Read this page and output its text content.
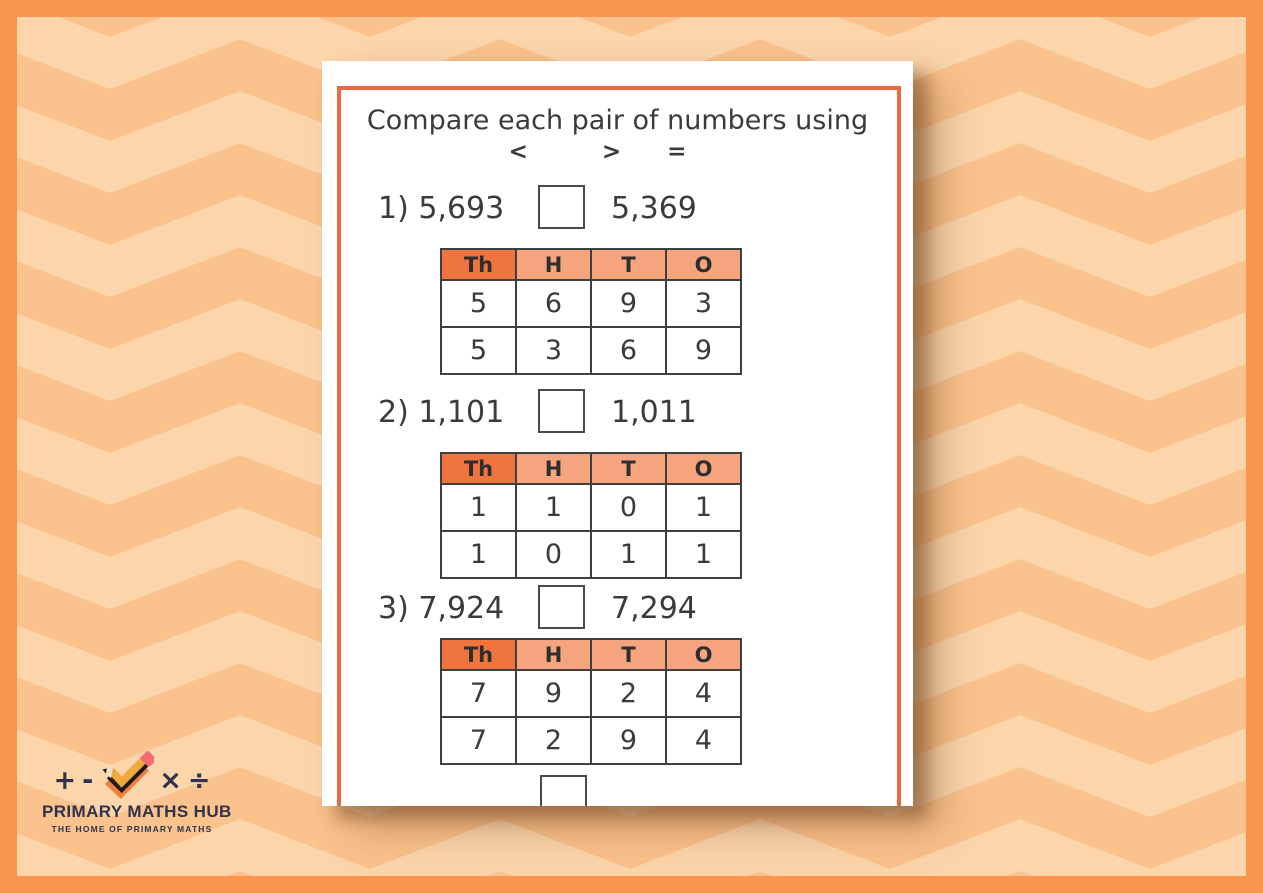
Compare each pair of numbers using
<	> =
1) 5,693	5,369
Th	H	T	O
5	6	9	3
5	3	6	9
2) 1,101	1,011
Th	H	T	O
1	1	0	1
1	0	1	1
3) 7,924	7,294
Th	H	T	O
7	9	2	4
7	2	9	4
+ - × ÷
PRIMARY MATHS HUB
THE HOME OF PRIMARY MATHS
